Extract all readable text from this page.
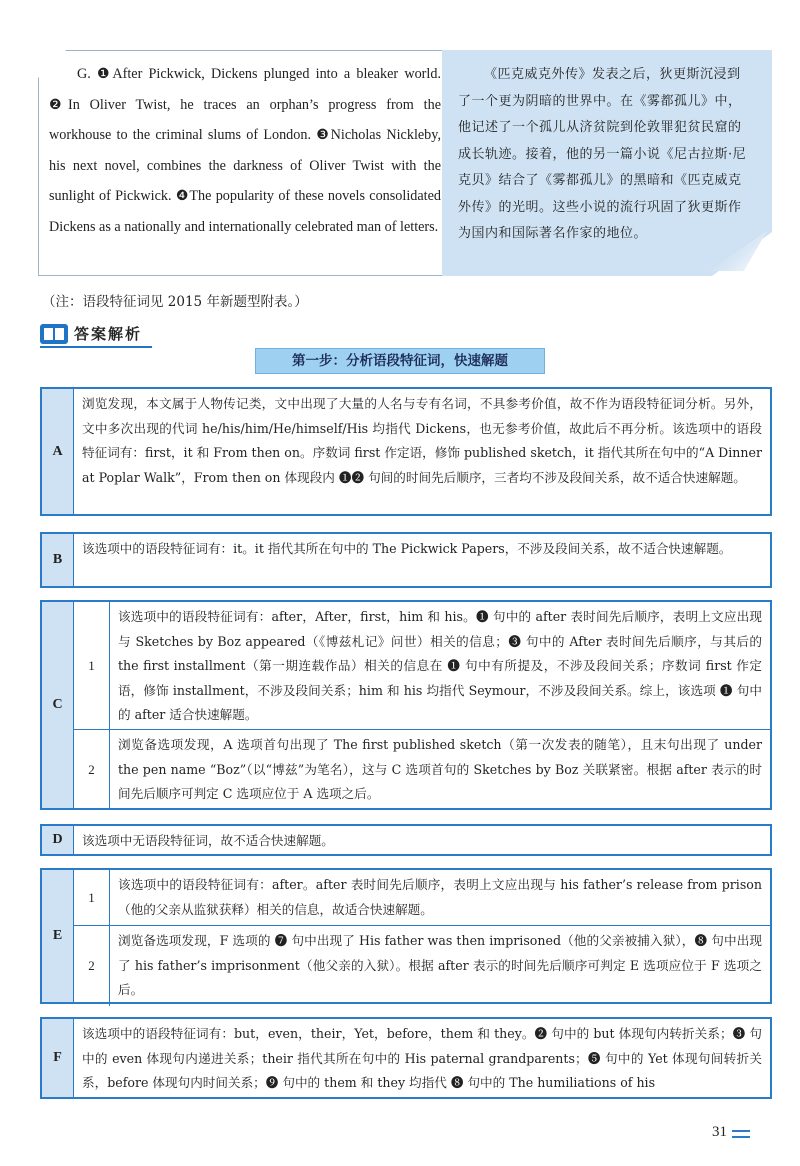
G. ❶After Pickwick, Dickens plunged into a bleaker world. ❷In Oliver Twist, he traces an orphan’s progress from the workhouse to the criminal slums of London. ❸Nicholas Nickleby, his next novel, combines the darkness of Oliver Twist with the sunlight of Pickwick. ❹The popularity of these novels consolidated Dickens as a nationally and internationally celebrated man of letters.

《匹克威克外传》发表之后，狄更斯沉浸到了一个更为阴暗的世界中。在《雾都孤儿》中，他记述了一个孤儿从济贫院到伦敦罪犯贫民窟的成长轨迹。接着，他的另一篇小说《尼古拉斯·尼克贝》结合了《雾都孤儿》的黑暗和《匹克威克外传》的光明。这些小说的流行巩固了狄更斯作为国内和国际著名作家的地位。

（注：语段特征词见 2015 年新题型附表。）
答案解析
第一步：分析语段特征词，快速解题
A
浏览发现，本文属于人物传记类，文中出现了大量的人名与专有名词，不具参考价值，故不作为语段特征词分析。另外，文中多次出现的代词 he/his/him/He/himself/His 均指代 Dickens，也无参考价值，故此后不再分析。该选项中的语段特征词有：first，it 和 From then on。序数词 first 作定语，修饰 published sketch，it 指代其所在句中的“A Dinner at Poplar Walk”，From then on 体现段内 ❶❷ 句间的时间先后顺序，三者均不涉及段间关系，故不适合快速解题。
B
该选项中的语段特征词有：it。it 指代其所在句中的 The Pickwick Papers，不涉及段间关系，故不适合快速解题。
C
1
该选项中的语段特征词有：after，After，first，him 和 his。❶ 句中的 after 表时间先后顺序，表明上文应出现与 Sketches by Boz appeared（《博兹札记》问世）相关的信息；❸ 句中的 After 表时间先后顺序，与其后的 the first installment（第一期连载作品）相关的信息在 ❶ 句中有所提及，不涉及段间关系；序数词 first 作定语，修饰 installment，不涉及段间关系；him 和 his 均指代 Seymour，不涉及段间关系。综上，该选项 ❶ 句中的 after 适合快速解题。
2
浏览备选项发现，A 选项首句出现了 The first published sketch（第一次发表的随笔），且末句出现了 under the pen name “Boz”（以“博兹”为笔名），这与 C 选项首句的 Sketches by Boz 关联紧密。根据 after 表示的时间先后顺序可判定 C 选项应位于 A 选项之后。
D	该选项中无语段特征词，故不适合快速解题。
E
1
该选项中的语段特征词有：after。after 表时间先后顺序，表明上文应出现与 his father’s release from prison（他的父亲从监狱获释）相关的信息，故适合快速解题。
2
浏览备选项发现，F 选项的 ❼ 句中出现了 His father was then imprisoned（他的父亲被捕入狱），❽ 句中出现了 his father’s imprisonment（他父亲的入狱）。根据 after 表示的时间先后顺序可判定 E 选项应位于 F 选项之后。
F
该选项中的语段特征词有：but，even，their，Yet，before，them 和 they。❷ 句中的 but 体现句内转折关系；❸ 句中的 even 体现句内递进关系；their 指代其所在句中的 His paternal grandparents；❺ 句中的 Yet 体现句间转折关系，before 体现句内时间关系；❾ 句中的 them 和 they 均指代 ❽ 句中的 The humiliations of his
31
